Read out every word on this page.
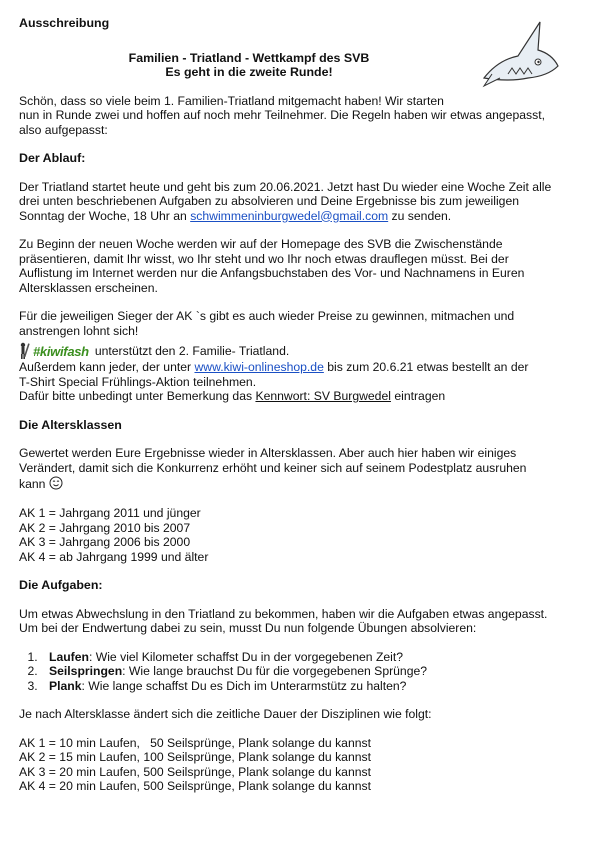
Ausschreibung

Familien - Triatland - Wettkampf des SVB

Es geht in die zweite Runde!

Schön, dass so viele beim 1. Familien-Triatland mitgemacht haben! Wir starten

nun in Runde zwei und hoffen auf noch mehr Teilnehmer. Die Regeln haben wir etwas angepasst,

also aufgepasst:

Der Ablauf:

Der Triatland startet heute und geht bis zum 20.06.2021. Jetzt hast Du wieder eine Woche Zeit alle

drei unten beschriebenen Aufgaben zu absolvieren und Deine Ergebnisse bis zum jeweiligen

Sonntag der Woche, 18 Uhr an schwimmeninburgwedel@gmail.com zu senden.

Zu Beginn der neuen Woche werden wir auf der Homepage des SVB die Zwischenstände

präsentieren, damit Ihr wisst, wo Ihr steht und wo Ihr noch etwas drauflegen müsst. Bei der

Auflistung im Internet werden nur die Anfangsbuchstaben des Vor- und Nachnamens in Euren

Altersklassen erscheinen.

Für die jeweiligen Sieger der AK `s gibt es auch wieder Preise zu gewinnen, mitmachen und

anstrengen lohnt sich!

#kiwifash unterstützt den 2. Familie- Triatland.

Außerdem kann jeder, der unter www.kiwi-onlineshop.de bis zum 20.6.21 etwas bestellt an der

T-Shirt Special Frühlings-Aktion teilnehmen.

Dafür bitte unbedingt unter Bemerkung das Kennwort: SV Burgwedel eintragen

Die Altersklassen

Gewertet werden Eure Ergebnisse wieder in Altersklassen. Aber auch hier haben wir einiges

Verändert, damit sich die Konkurrenz erhöht und keiner sich auf seinem Podestplatz ausruhen

kann

AK 1 = Jahrgang 2011 und jünger

AK 2 = Jahrgang 2010 bis 2007

AK 3 = Jahrgang 2006 bis 2000

AK 4 = ab Jahrgang 1999 und älter

Die Aufgaben:

Um etwas Abwechslung in den Triatland zu bekommen, haben wir die Aufgaben etwas angepasst.

Um bei der Endwertung dabei zu sein, musst Du nun folgende Übungen absolvieren:

1. Laufen: Wie viel Kilometer schaffst Du in der vorgegebenen Zeit?
2. Seilspringen: Wie lange brauchst Du für die vorgegebenen Sprünge?
3. Plank: Wie lange schaffst Du es Dich im Unterarmstütz zu halten?

Je nach Altersklasse ändert sich die zeitliche Dauer der Disziplinen wie folgt:

AK 1 = 10 min Laufen,   50 Seilsprünge, Plank solange du kannst

AK 2 = 15 min Laufen, 100 Seilsprünge, Plank solange du kannst

AK 3 = 20 min Laufen, 500 Seilsprünge, Plank solange du kannst

AK 4 = 20 min Laufen, 500 Seilsprünge, Plank solange du kannst
